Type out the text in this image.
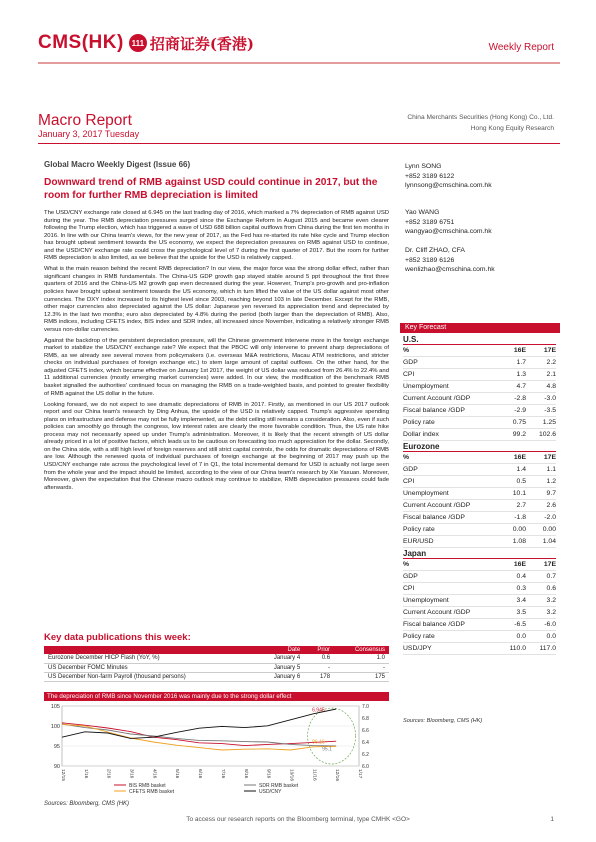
CMS(HK) 111 招商证券(香港)	Weekly Report
Macro Report
January 3, 2017 Tuesday
China Merchants Securities (Hong Kong) Co., Ltd.
Hong Kong Equity Research
Global Macro Weekly Digest (Issue 66)
Downward trend of RMB against USD could continue in 2017, but the room for further RMB depreciation is limited

The USD/CNY exchange rate closed at 6.945 on the last trading day of 2016, which marked a 7% depreciation of RMB against USD during the year. The RMB depreciation pressures surged since the Exchange Reform in August 2015 and became even clearer following the Trump election, which has triggered a wave of USD 688 billion capital outflows from China during the first ten months in 2016. In line with our China team's views, for the new year of 2017, as the Fed has re-started its rate hike cycle and Trump election has brought upbeat sentiment towards the US economy, we expect the depreciation pressures on RMB against USD to continue, and the USD/CNY exchange rate could cross the psychological level of 7 during the first quarter of 2017. But the room for further RMB depreciation is also limited, as we believe that the upside for the USD is relatively capped.

What is the main reason behind the recent RMB depreciation? In our view, the major force was the strong dollar effect, rather than significant changes in RMB fundamentals. The China-US GDP growth gap stayed stable around 5 ppt throughout the first three quarters of 2016 and the China-US M2 growth gap even decreased during the year. However, Trump's pro-growth and pro-inflation policies have brought upbeat sentiment towards the US economy, which in turn lifted the value of the US dollar against most other currencies. The DXY index increased to its highest level since 2003, reaching beyond 103 in late December. Except for the RMB, other major currencies also depreciated against the US dollar: Japanese yen reversed its appreciation trend and depreciated by 12.3% in the last two months; euro also depreciated by 4.8% during the period (both larger than the depreciation of RMB). Also, RMB indices, including CFETS index, BIS index and SDR index, all increased since November, indicating a relatively stronger RMB versus non-dollar currencies.

Against the backdrop of the persistent depreciation pressure, will the Chinese government intervene more in the foreign exchange market to stabilize the USD/CNY exchange rate? We expect that the PBOC will only intervene to prevent sharp depreciations of RMB, as we already see several moves from policymakers (i.e. overseas M&A restrictions, Macau ATM restrictions, and stricter checks on individual purchases of foreign exchange etc.) to stem large amount of capital outflows. On the other hand, for the adjusted CFETS index, which became effective on January 1st 2017, the weight of US dollar was reduced from 26.4% to 22.4% and 11 additional currencies (mostly emerging market currencies) were added. In our view, the modification of the benchmark RMB basket signalled the authorities' continued focus on managing the RMB on a trade-weighted basis, and pointed to greater flexibility of RMB against the US dollar in the future.

Looking forward, we do not expect to see dramatic depreciations of RMB in 2017. Firstly, as mentioned in our US 2017 outlook report and our China team's research by Ding Anhua, the upside of the USD is relatively capped. Trump's aggressive spending plans on infrastructure and defense may not be fully implemented, as the debt ceiling still remains a consideration. Also, even if such policies can smoothly go through the congress, low interest rates are clearly the more favorable condition. Thus, the US rate hike process may not necessarily speed up under Trump's administration. Moreover, it is likely that the recent strength of US dollar already priced in a lot of positive factors, which leads us to be cautious on forecasting too much appreciation for the dollar. Secondly, on the China side, with a still high level of foreign reserves and still strict capital controls, the odds for dramatic depreciations of RMB are low. Although the renewed quota of individual purchases of foreign exchange at the beginning of 2017 may push up the USD/CNY exchange rate across the psychological level of 7 in Q1, the total incremental demand for USD is actually not large seen from the whole year and the impact should be limited, according to the view of our China team's research by Xie Yaxuan. Moreover, Moreover, given the expectation that the Chinese macro outlook may continue to stabilize, RMB depreciation pressures could fade afterwards.

Key data publications this week:
	Date	Prior	Consensus
Eurozone December HICP Flash (YoY, %)	January 4	0.6	1.0
US December FOMC Minutes	January 5	-	-
US December Non-farm Payroll (thousand persons)	January 6	178	175
The depreciation of RMB since November 2016 was mainly due to the strong dollar effect
105
100
95
90
7.0
6.8
6.6
6.4
6.2
6.0
12/15	1/16	2/16	3/16	4/16	5/16	6/16	7/16	8/16	9/16	10/16	11/16	12/16	1/17
6.945
96.16
95.1
BIS RMB basket	SDR RMB basket
CFETS RMB basket	USD/CNY
Sources: Bloomberg, CMS (HK)
Lynn SONG
+852 3189 6122
lynnsong@cmschina.com.hk
Yao WANG
+852 3189 6751
wangyao@cmschina.com.hk
Dr. Cliff ZHAO, CFA
+852 3189 6126
wenlizhao@cmschina.com.hk
Key Forecast
U.S.
%	16E	17E
GDP	1.7	2.2
CPI	1.3	2.1
Unemployment	4.7	4.8
Current Account /GDP	-2.8	-3.0
Fiscal balance /GDP	-2.9	-3.5
Policy rate	0.75	1.25
Dollar index	99.2	102.6
Eurozone
%	16E	17E
GDP	1.4	1.1
CPI	0.5	1.2
Unemployment	10.1	9.7
Current Account /GDP	2.7	2.6
Fiscal balance /GDP	-1.8	-2.0
Policy rate	0.00	0.00
EUR/USD	1.08	1.04
Japan
%	16E	17E
GDP	0.4	0.7
CPI	0.3	0.6
Unemployment	3.4	3.2
Current Account /GDP	3.5	3.2
Fiscal balance /GDP	-6.5	-6.0
Policy rate	0.0	0.0
USD/JPY	110.0	117.0
Sources: Bloomberg, CMS (HK)
To access our research reports on the Bloomberg terminal, type CMHK <GO>	1
